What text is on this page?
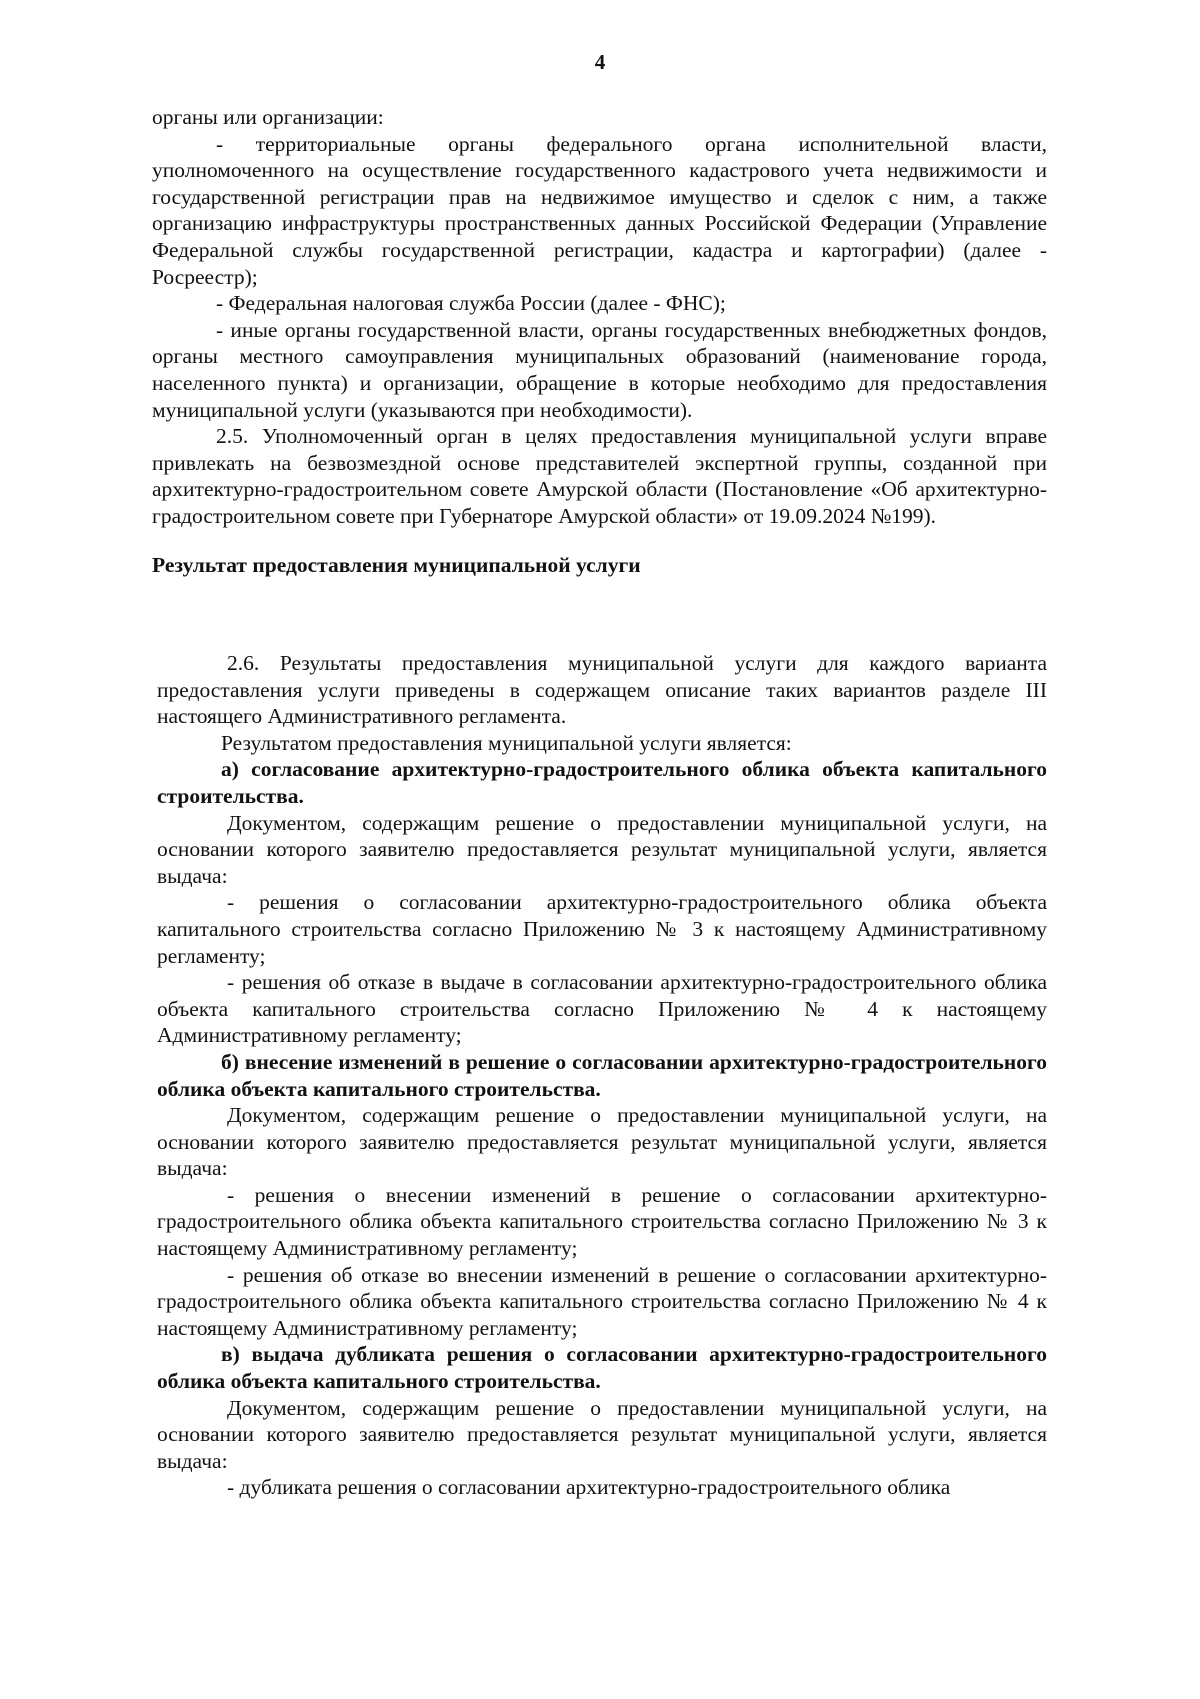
4

органы или организации:

- территориальные органы федерального органа исполнительной власти, уполномоченного на осуществление государственного кадастрового учета недвижимости и государственной регистрации прав на недвижимое имущество и сделок с ним, а также организацию инфраструктуры пространственных данных Российской Федерации (Управление Федеральной службы государственной регистрации, кадастра и картографии) (далее - Росреестр);

- Федеральная налоговая служба России (далее - ФНС);

- иные органы государственной власти, органы государственных внебюджетных фондов, органы местного самоуправления муниципальных образований (наименование города, населенного пункта) и организации, обращение в которые необходимо для предоставления муниципальной услуги (указываются при необходимости).

2.5. Уполномоченный орган в целях предоставления муниципальной услуги вправе привлекать на безвозмездной основе представителей экспертной группы, созданной при архитектурно-градостроительном совете Амурской области (Постановление «Об архитектурно-градостроительном совете при Губернаторе Амурской области» от 19.09.2024 №199).

Результат предоставления муниципальной услуги

2.6. Результаты предоставления муниципальной услуги для каждого варианта предоставления услуги приведены в содержащем описание таких вариантов разделе III настоящего Административного регламента.

Результатом предоставления муниципальной услуги является:

а) согласование архитектурно-градостроительного облика объекта капитального строительства.

Документом, содержащим решение о предоставлении муниципальной услуги, на основании которого заявителю предоставляется результат муниципальной услуги, является выдача:

- решения о согласовании архитектурно-градостроительного облика объекта капитального строительства согласно Приложению № 3 к настоящему Административному регламенту;

- решения об отказе в выдаче в согласовании архитектурно-градостроительного облика объекта капитального строительства согласно Приложению № 4 к настоящему Административному регламенту;

б) внесение изменений в решение о согласовании архитектурно-градостроительного облика объекта капитального строительства.

Документом, содержащим решение о предоставлении муниципальной услуги, на основании которого заявителю предоставляется результат муниципальной услуги, является выдача:

- решения о внесении изменений в решение о согласовании архитектурно-градостроительного облика объекта капитального строительства согласно Приложению № 3 к настоящему Административному регламенту;

- решения об отказе во внесении изменений в решение о согласовании архитектурно-градостроительного облика объекта капитального строительства согласно Приложению № 4 к настоящему Административному регламенту;

в) выдача дубликата решения о согласовании архитектурно-градостроительного облика объекта капитального строительства.

Документом, содержащим решение о предоставлении муниципальной услуги, на основании которого заявителю предоставляется результат муниципальной услуги, является выдача:

- дубликата решения о согласовании архитектурно-градостроительного облика
